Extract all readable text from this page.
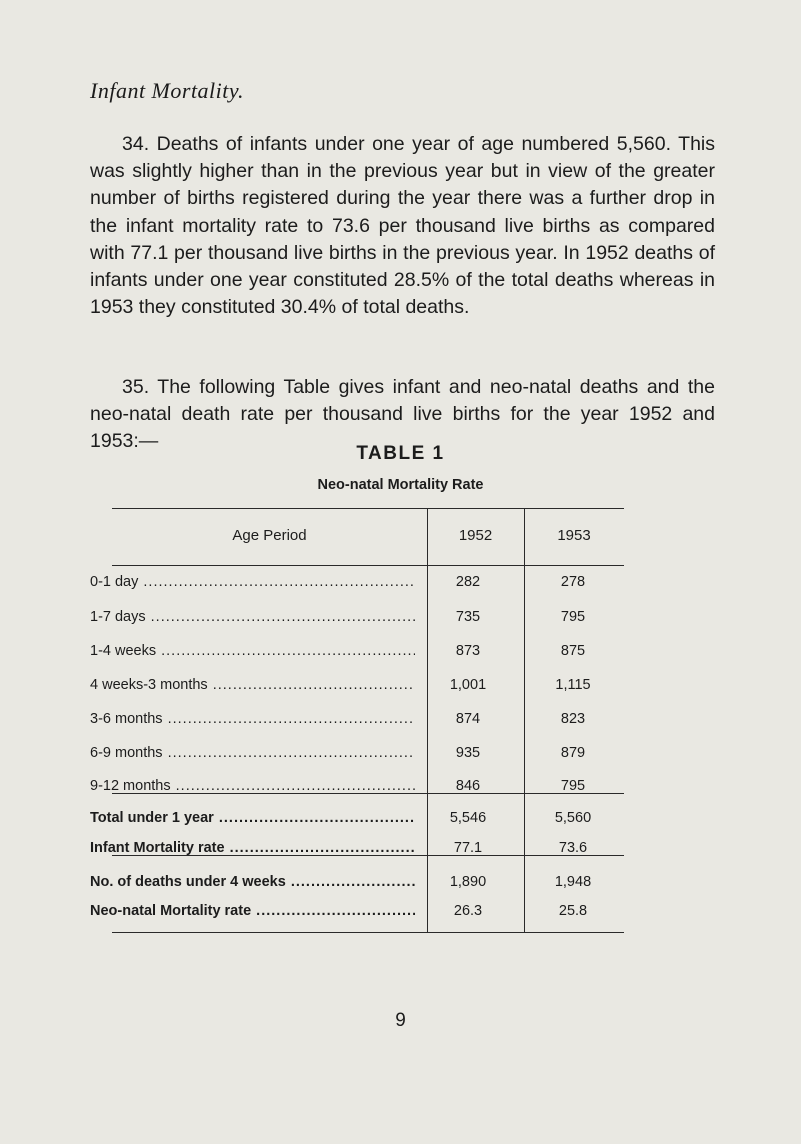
Infant Mortality.

34. Deaths of infants under one year of age numbered 5,560. This was slightly higher than in the previous year but in view of the greater number of births registered during the year there was a further drop in the infant mortality rate to 73.6 per thousand live births as compared with 77.1 per thousand live births in the previous year. In 1952 deaths of infants under one year constituted 28.5% of the total deaths whereas in 1953 they constituted 30.4% of total deaths.

35. The following Table gives infant and neo-natal deaths and the neo-natal death rate per thousand live births for the year 1952 and 1953:—

TABLE 1
Neo-natal Mortality Rate
Age Period	1952	1953
0-1 day .....	282	278
1-7 days .....	735	795
1-4 weeks .....	873	875
4 weeks-3 months .....	1,001	1,115
3-6 months .....	874	823
6-9 months .....	935	879
9-12 months .....	846	795
Total under 1 year .....	5,546	5,560
Infant Mortality rate .....	77.1	73.6
No. of deaths under 4 weeks .....	1,890	1,948
Neo-natal Mortality rate .....	26.3	25.8
9
